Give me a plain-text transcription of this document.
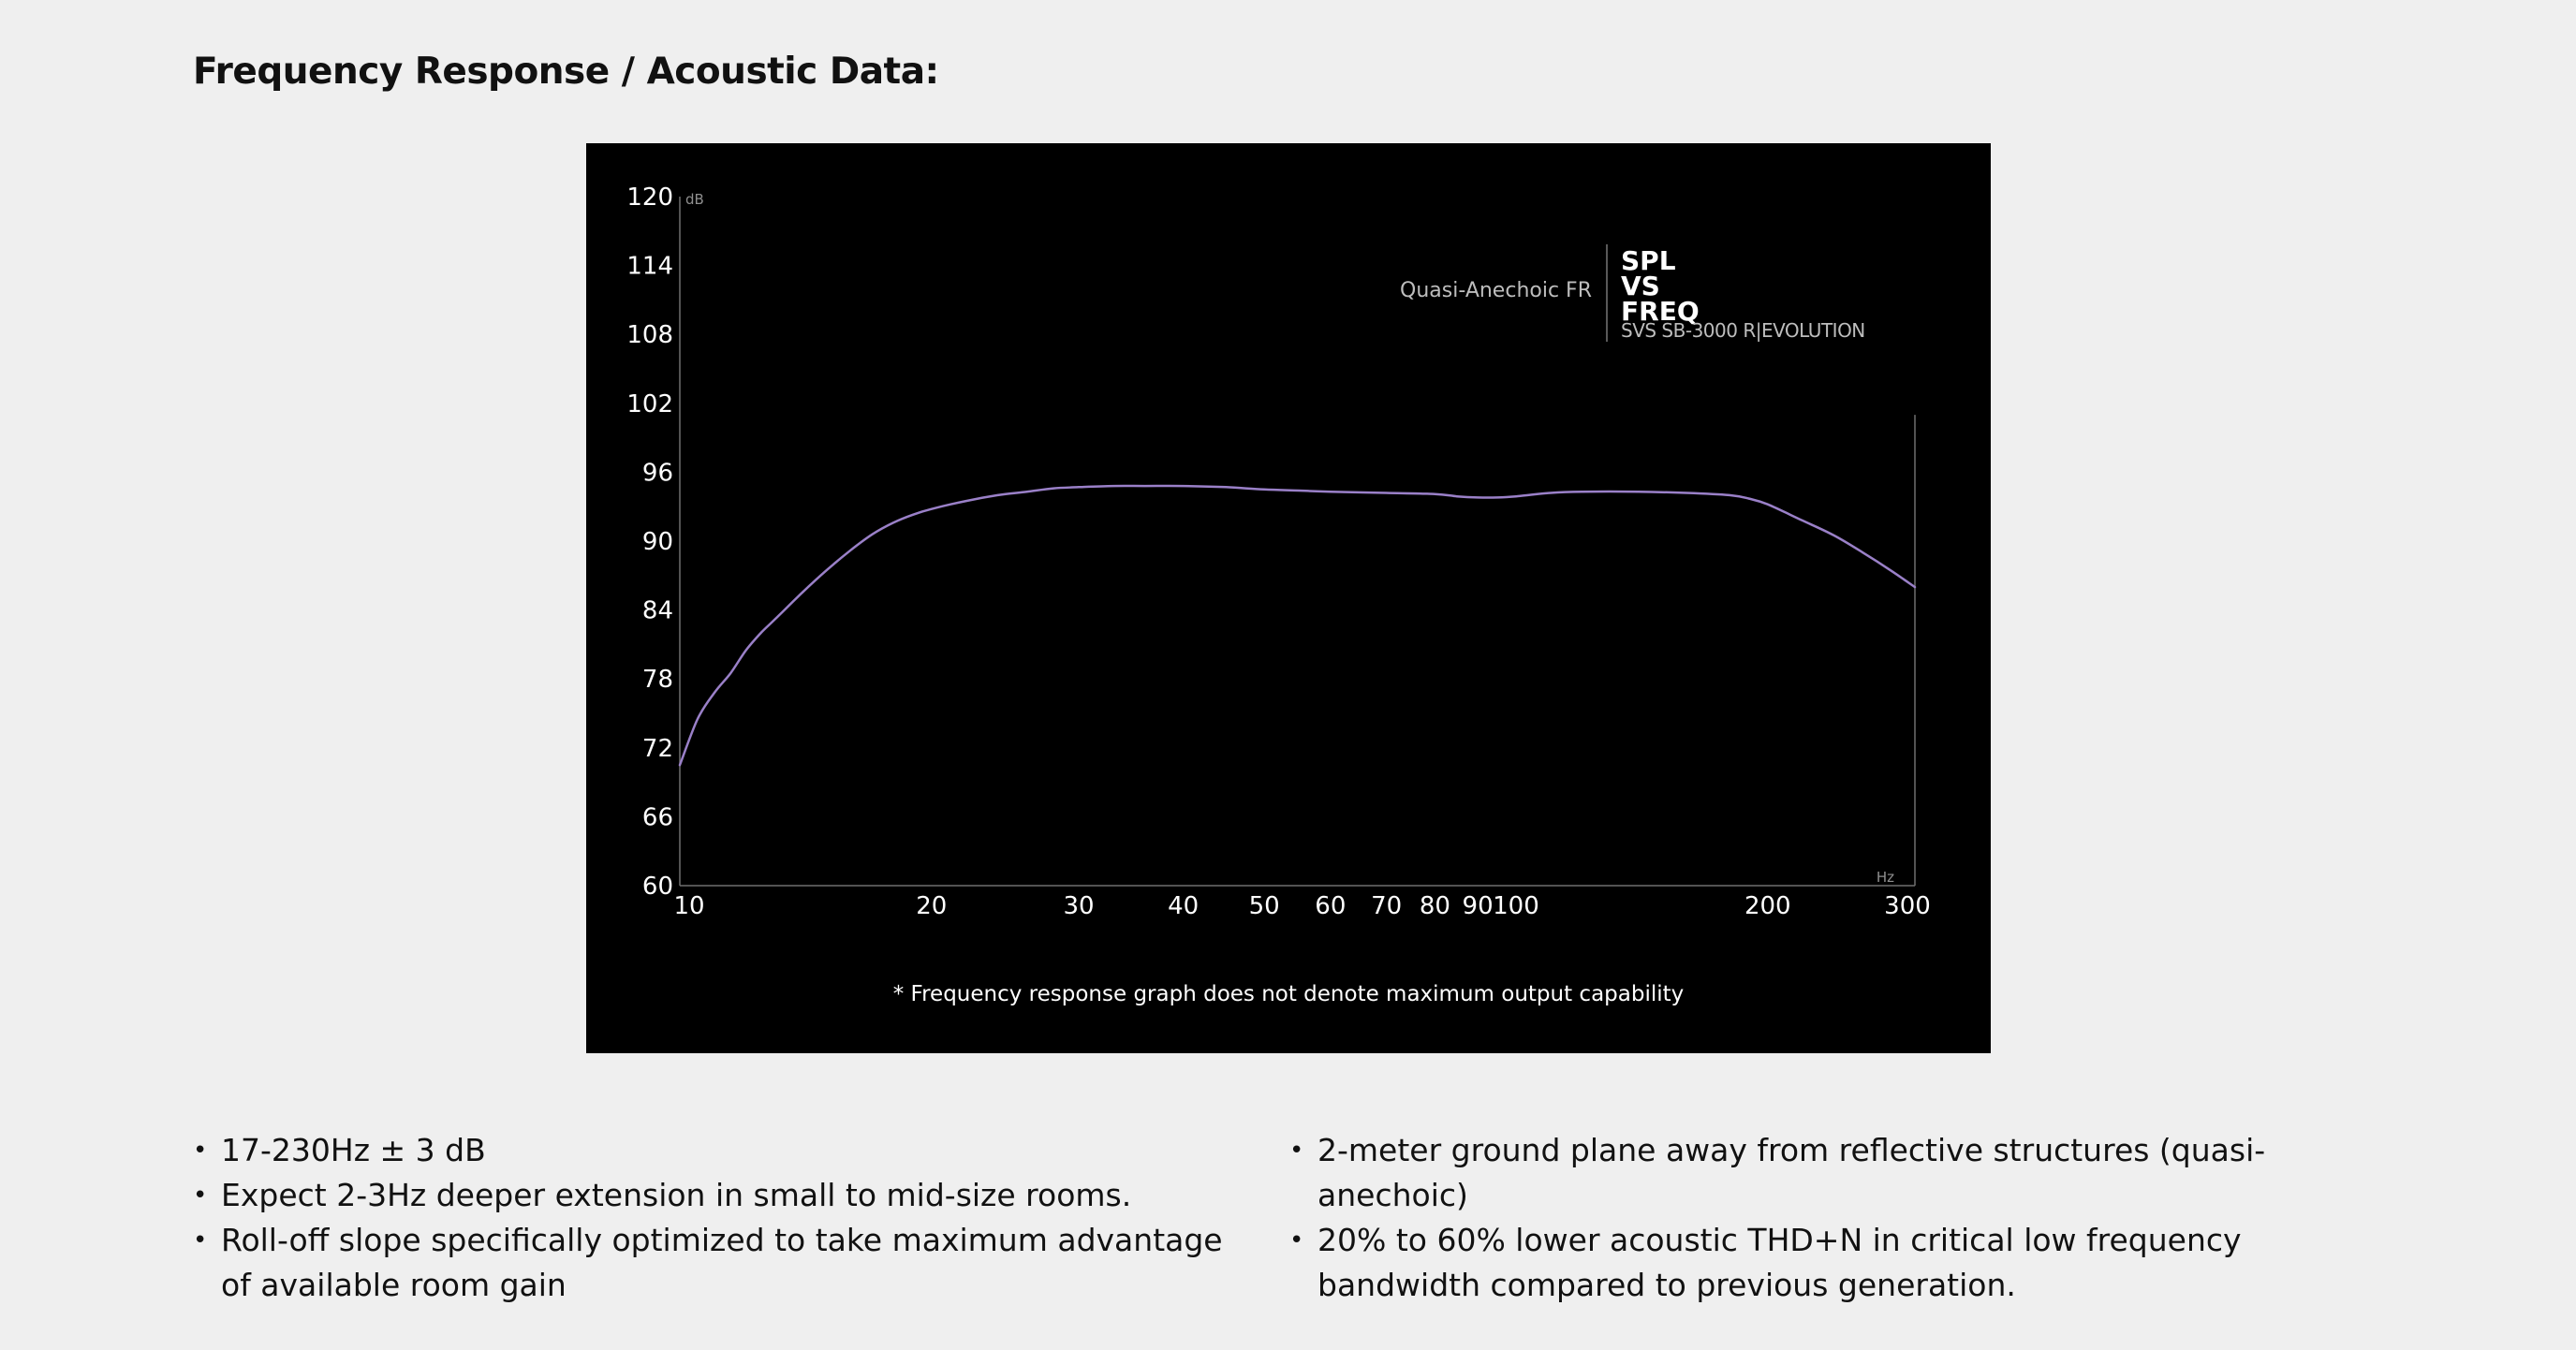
Frequency Response / Acoustic Data:
60
66
72
78
84
90
96
102
108
114
120
10	20	30	40 50 60 70 80 90 100	200	300
Quasi-Anechoic FR
SPL
VS
FREQ
SVS SB-3000 R|EVOLUTION
dB
Hz
* Frequency response graph does not denote maximum output capability
• 17-230Hz ± 3 dB
• Expect 2-3Hz deeper extension in small to mid-size rooms.
• Roll-off slope specifically optimized to take maximum advantage of available room gain
• 2-meter ground plane away from reflective structures (quasi-anechoic)
• 20% to 60% lower acoustic THD+N in critical low frequency bandwidth compared to previous generation.
